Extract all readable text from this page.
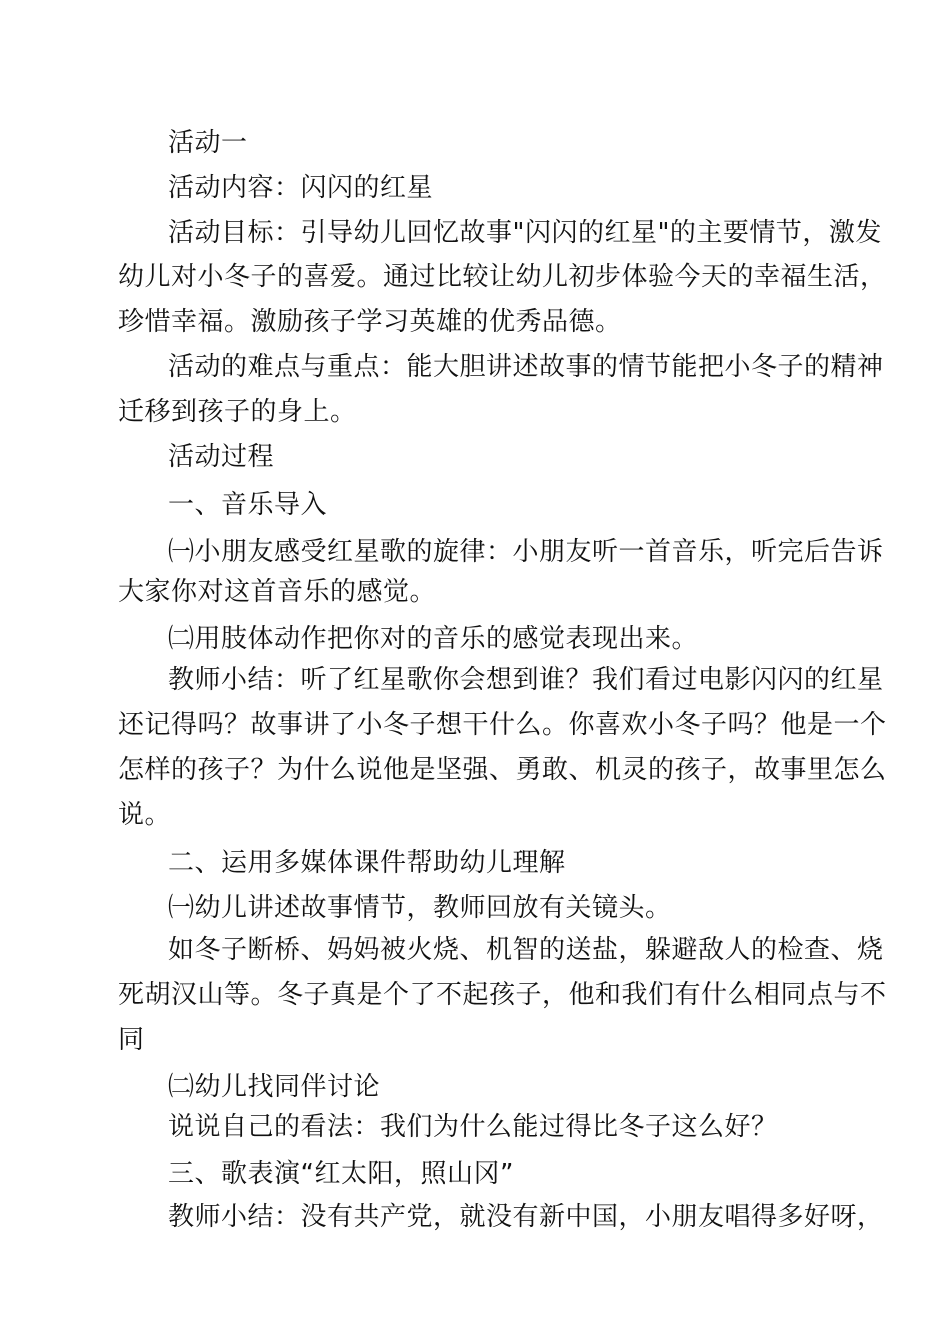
活动一
活动内容：闪闪的红星
活动目标：引导幼儿回忆故事"闪闪的红星"的主要情节，激发
幼儿对小冬子的喜爱。通过比较让幼儿初步体验今天的幸福生活，
珍惜幸福。激励孩子学习英雄的优秀品德。
活动的难点与重点：能大胆讲述故事的情节能把小冬子的精神
迁移到孩子的身上。
活动过程
一、音乐导入
㈠小朋友感受红星歌的旋律：小朋友听一首音乐，听完后告诉
大家你对这首音乐的感觉。
㈡用肢体动作把你对的音乐的感觉表现出来。
教师小结：听了红星歌你会想到谁？我们看过电影闪闪的红星
还记得吗？故事讲了小冬子想干什么。你喜欢小冬子吗？他是一个
怎样的孩子？为什么说他是坚强、勇敢、机灵的孩子，故事里怎么
说。
二、运用多媒体课件帮助幼儿理解
㈠幼儿讲述故事情节，教师回放有关镜头。
如冬子断桥、妈妈被火烧、机智的送盐，躲避敌人的检查、烧
死胡汉山等。冬子真是个了不起孩子，他和我们有什么相同点与不
同
㈡幼儿找同伴讨论
说说自己的看法：我们为什么能过得比冬子这么好？
三、歌表演“红太阳，照山冈”
教师小结：没有共产党，就没有新中国，小朋友唱得多好呀，
